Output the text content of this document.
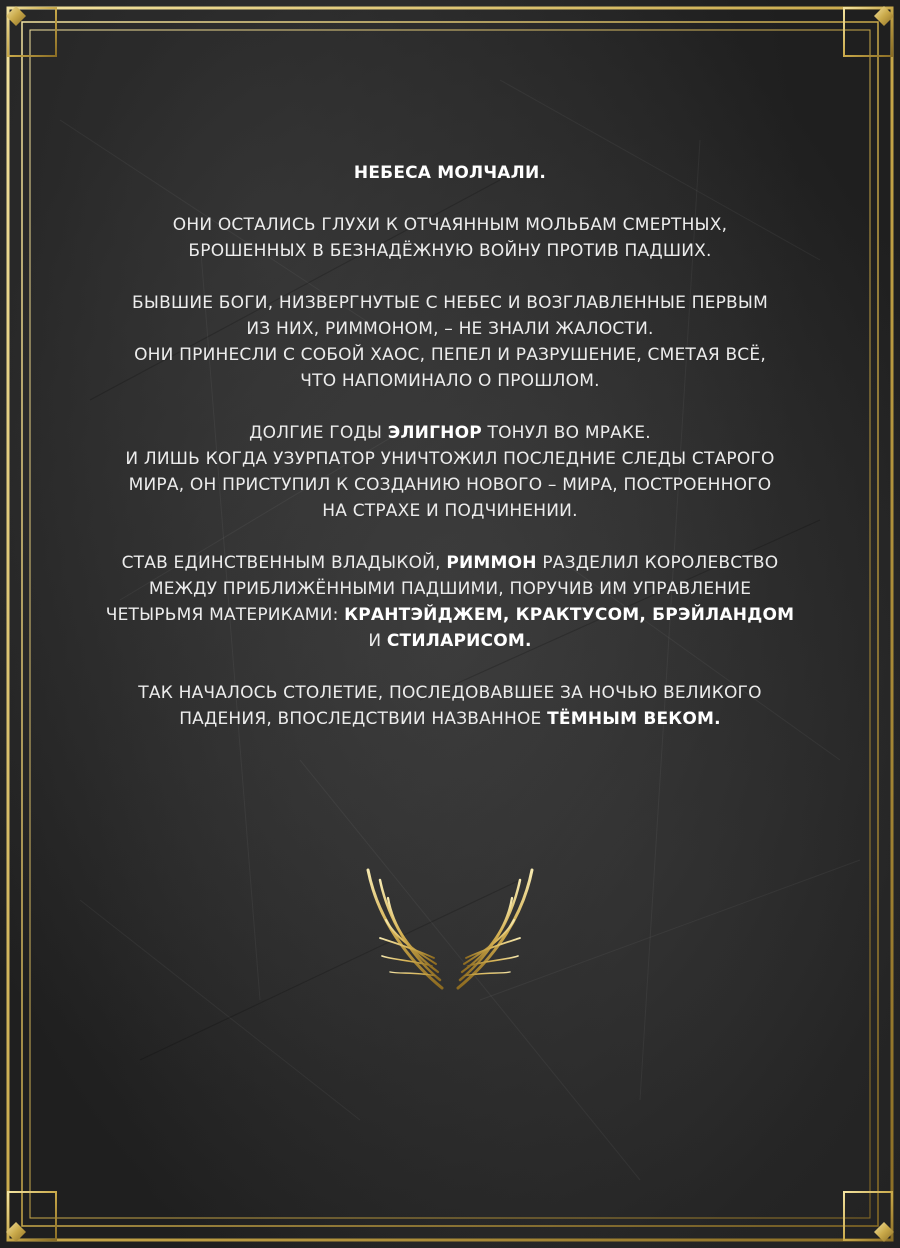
НЕБЕСА МОЛЧАЛИ.

ОНИ ОСТАЛИСЬ ГЛУХИ К ОТЧАЯННЫМ МОЛЬБАМ СМЕРТНЫХ,
БРОШЕННЫХ В БЕЗНАДЁЖНУЮ ВОЙНУ ПРОТИВ ПАДШИХ.

БЫВШИЕ БОГИ, НИЗВЕРГНУТЫЕ С НЕБЕС И ВОЗГЛАВЛЕННЫЕ ПЕРВЫМ
ИЗ НИХ, РИММОНОМ, – НЕ ЗНАЛИ ЖАЛОСТИ.
ОНИ ПРИНЕСЛИ С СОБОЙ ХАОС, ПЕПЕЛ И РАЗРУШЕНИЕ, СМЕТАЯ ВСЁ,
ЧТО НАПОМИНАЛО О ПРОШЛОМ.

ДОЛГИЕ ГОДЫ ЭЛИГНОР ТОНУЛ ВО МРАКЕ.
И ЛИШЬ КОГДА УЗУРПАТОР УНИЧТОЖИЛ ПОСЛЕДНИЕ СЛЕДЫ СТАРОГО
МИРА, ОН ПРИСТУПИЛ К СОЗДАНИЮ НОВОГО – МИРА, ПОСТРОЕННОГО
НА СТРАХЕ И ПОДЧИНЕНИИ.

СТАВ ЕДИНСТВЕННЫМ ВЛАДЫКОЙ, РИММОН РАЗДЕЛИЛ КОРОЛЕВСТВО
МЕЖДУ ПРИБЛИЖЁННЫМИ ПАДШИМИ, ПОРУЧИВ ИМ УПРАВЛЕНИЕ
ЧЕТЫРЬМЯ МАТЕРИКАМИ: КРАНТЭЙДЖЕМ, КРАКТУСОМ, БРЭЙЛАНДОМ
И СТИЛАРИСОМ.

ТАК НАЧАЛОСЬ СТОЛЕТИЕ, ПОСЛЕДОВАВШЕЕ ЗА НОЧЬЮ ВЕЛИКОГО
ПАДЕНИЯ, ВПОСЛЕДСТВИИ НАЗВАННОЕ ТЁМНЫМ ВЕКОМ.
